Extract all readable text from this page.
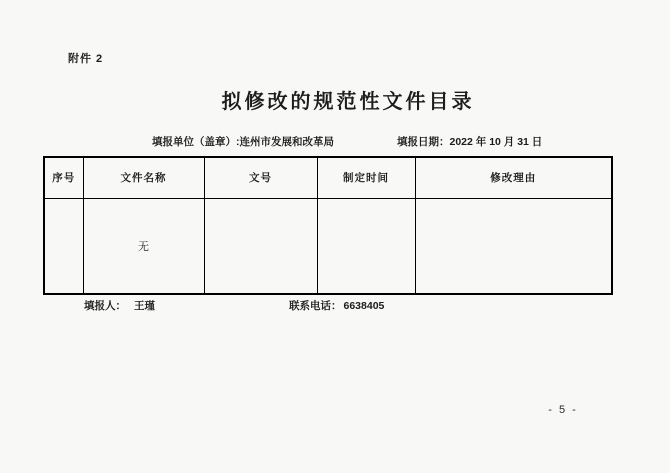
附件 2
拟修改的规范性文件目录
填报单位（盖章）:连州市发展和改革局	填报日期：2022 年 10 月 31 日
序号	文件名称	文号	制定时间	修改理由
	无			
填报人： 王瑾	联系电话： 6638405
- 5 -
